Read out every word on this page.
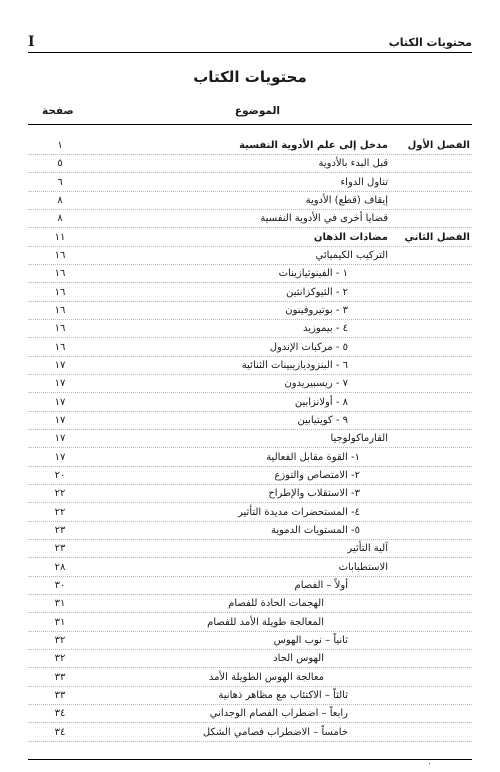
محتويات الكتاب
I
محتويات الكتاب
الموضوع
صفحة
الفصل الأول
مدخل إلى علم الأدوية النفسية
١
قبل البدء بالأدوية
٥
تناول الدواء
٦
إيقاف (قطع) الأدوية
٨
قضايا أخرى في الأدوية النفسية
٨
الفصل الثاني
مضادات الذهان
١١
التركيب الكيميائي
١٦
١ - الفينوثيازينات
١٦
٢ - الثيوكزانثين
١٦
٣ - بوتيروفينون
١٦
٤ - بيموزيد
١٦
٥ - مركبات الإندول
١٦
٦ - البنزوديازيبينات الثنائية
١٧
٧ - ريسبيريدون
١٧
٨ - أولانزابين
١٧
٩ - كويتيابين
١٧
الفارماكولوجيا
١٧
١- القوة مقابل الفعالية
١٧
٢- الامتصاص والتوزع
٢٠
٣- الاستقلاب والإطراح
٢٢
٤- المستحضرات مديدة التأثير
٢٢
٥- المستويات الدموية
٢٣
آلية التأثير
٢٣
الاستطبابات
٢٨
أولاً – الفصام
٣٠
الهجمات الحادة للفصام
٣١
المعالجة طويلة الأمد للفصام
٣١
ثانياً – نوب الهوس
٣٢
الهوس الحاد
٣٢
معالجة الهوس الطويلة الأمد
٣٣
ثالثاً – الاكتئاب مع مظاهر ذهانية
٣٣
رابعاً – اضطراب الفصام الوجداني
٣٤
خامساً – الاضطراب فصامي الشكل
٣٤
